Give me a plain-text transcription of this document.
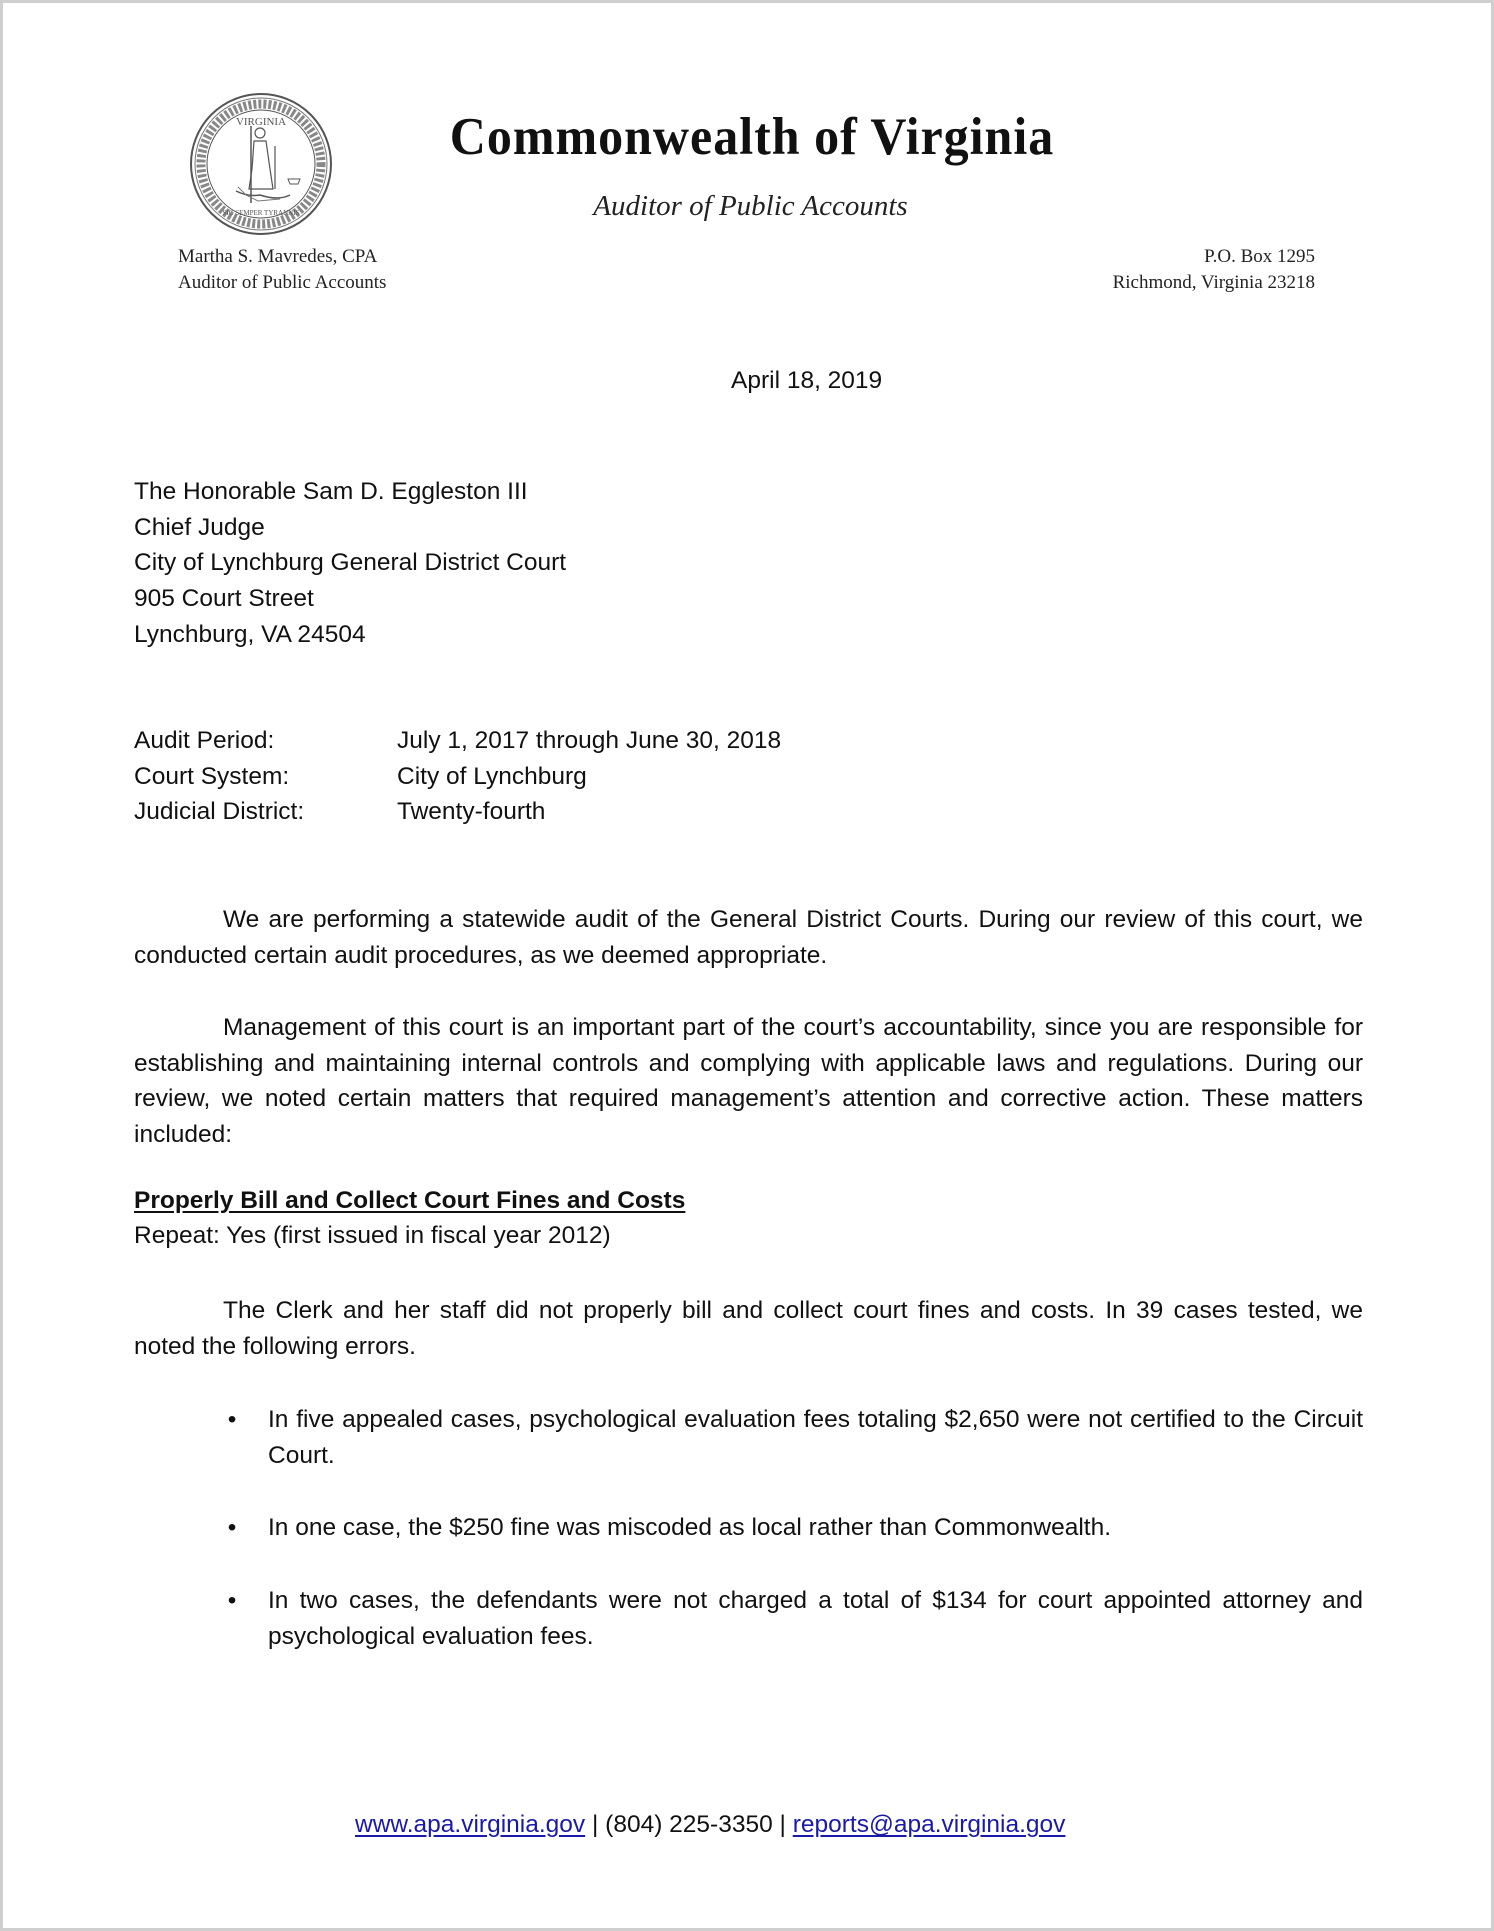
VIRGINIA
SIC SEMPER TYRANNIS
Commonwealth of Virginia
Auditor of Public Accounts
Martha S. Mavredes, CPA
Auditor of Public Accounts
P.O. Box 1295
Richmond, Virginia 23218
April 18, 2019
The Honorable Sam D. Eggleston III
Chief Judge
City of Lynchburg General District Court
905 Court Street
Lynchburg, VA 24504
Audit Period:	July 1, 2017 through June 30, 2018
Court System:	City of Lynchburg
Judicial District:	Twenty-fourth
We are performing a statewide audit of the General District Courts. During our review of this court, we conducted certain audit procedures, as we deemed appropriate.
Management of this court is an important part of the court’s accountability, since you are responsible for establishing and maintaining internal controls and complying with applicable laws and regulations. During our review, we noted certain matters that required management’s attention and corrective action. These matters included:
Properly Bill and Collect Court Fines and Costs
Repeat: Yes (first issued in fiscal year 2012)
The Clerk and her staff did not properly bill and collect court fines and costs. In 39 cases tested, we noted the following errors.
• In five appealed cases, psychological evaluation fees totaling $2,650 were not certified to the Circuit Court.
• In one case, the $250 fine was miscoded as local rather than Commonwealth.
• In two cases, the defendants were not charged a total of $134 for court appointed attorney and psychological evaluation fees.
www.apa.virginia.gov | (804) 225-3350 | reports@apa.virginia.gov
